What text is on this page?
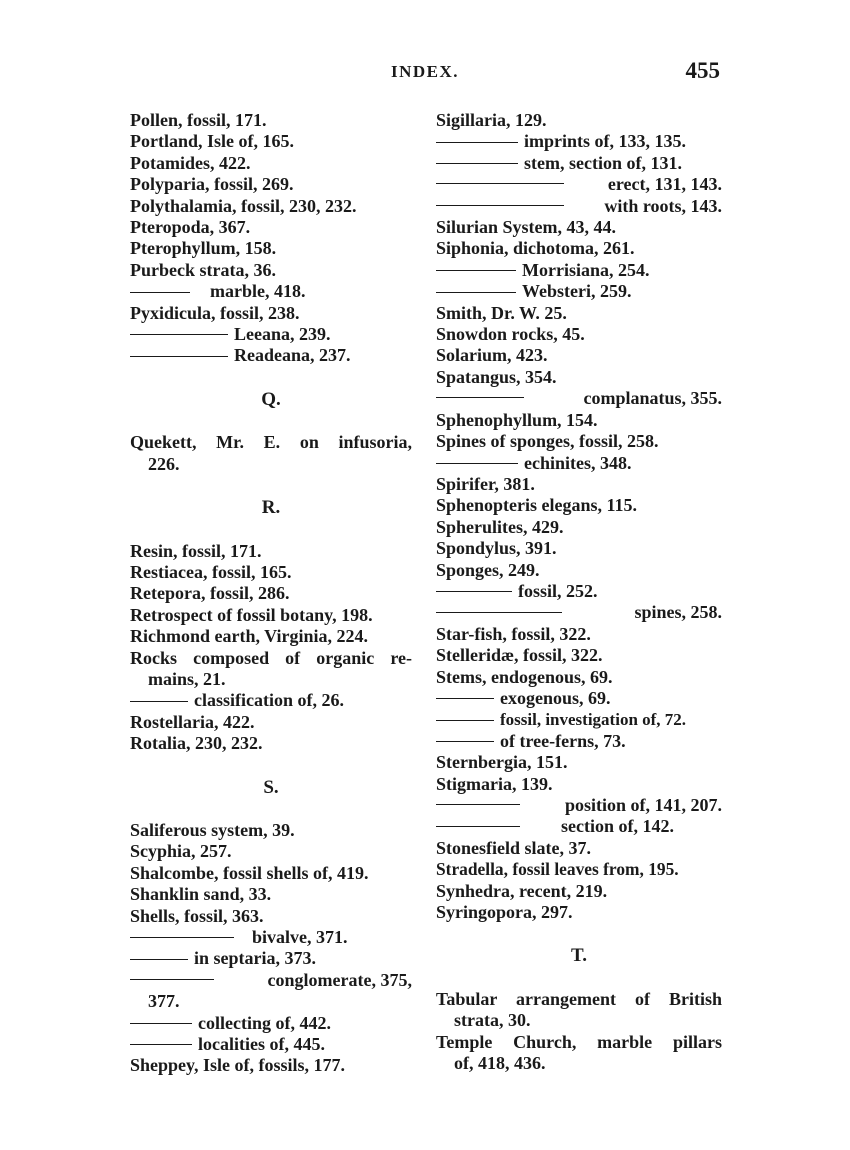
INDEX.	455
Pollen, fossil, 171.
Portland, Isle of, 165.
Potamides, 422.
Polyparia, fossil, 269.
Polythalamia, fossil, 230, 232.
Pteropoda, 367.
Pterophyllum, 158.
Purbeck strata, 36.
marble, 418.
Pyxidicula, fossil, 238.
Leeana, 239.
Readeana, 237.
Q.
Quekett, Mr. E. on infusoria,
226.
R.
Resin, fossil, 171.
Restiacea, fossil, 165.
Retepora, fossil, 286.
Retrospect of fossil botany, 198.
Richmond earth, Virginia, 224.
Rocks composed of organic re-
mains, 21.
classification of, 26.
Rostellaria, 422.
Rotalia, 230, 232.
S.
Saliferous system, 39.
Scyphia, 257.
Shalcombe, fossil shells of, 419.
Shanklin sand, 33.
Shells, fossil, 363.
bivalve, 371.
in septaria, 373.
conglomerate, 375,
377.
collecting of, 442.
localities of, 445.
Sheppey, Isle of, fossils, 177.
Sigillaria, 129.
imprints of, 133, 135.
stem, section of, 131.
erect, 131, 143.
with roots, 143.
Silurian System, 43, 44.
Siphonia, dichotoma, 261.
Morrisiana, 254.
Websteri, 259.
Smith, Dr. W. 25.
Snowdon rocks, 45.
Solarium, 423.
Spatangus, 354.
complanatus, 355.
Sphenophyllum, 154.
Spines of sponges, fossil, 258.
echinites, 348.
Spirifer, 381.
Sphenopteris elegans, 115.
Spherulites, 429.
Spondylus, 391.
Sponges, 249.
fossil, 252.
spines, 258.
Star-fish, fossil, 322.
Stelleridæ, fossil, 322.
Stems, endogenous, 69.
exogenous, 69.
fossil, investigation of, 72.
of tree-ferns, 73.
Sternbergia, 151.
Stigmaria, 139.
position of, 141, 207.
section of, 142.
Stonesfield slate, 37.
Stradella, fossil leaves from, 195.
Synhedra, recent, 219.
Syringopora, 297.
T.
Tabular arrangement of British
strata, 30.
Temple Church, marble pillars
of, 418, 436.
